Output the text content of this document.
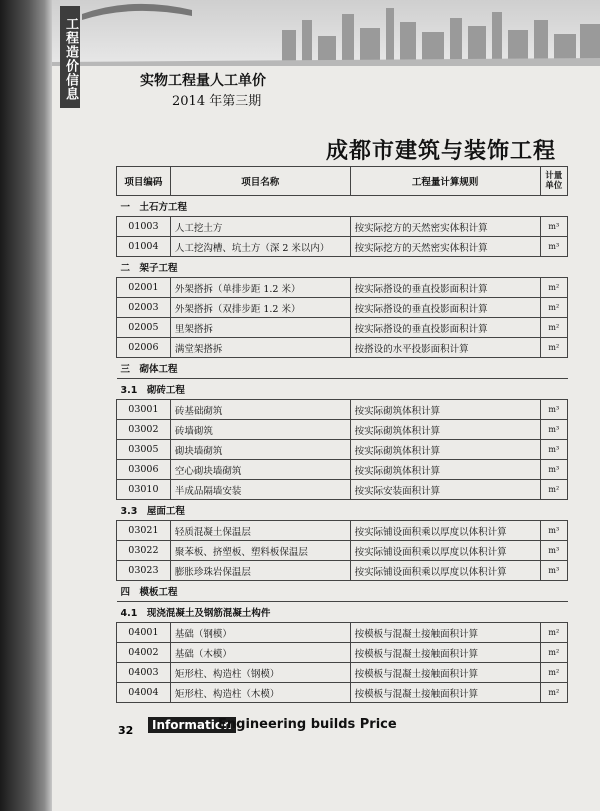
工程造价信息	实物工程量人工单价
2014 年第三期
成都市建筑与装饰工程
项目编码	项目名称	工程量计算规则	计量单位
一　土石方工程			
01003	人工挖土方	按实际挖方的天然密实体积计算	m³
01004	人工挖沟槽、坑土方（深 2 米以内）	按实际挖方的天然密实体积计算	m³
二　架子工程			
02001	外架搭拆（单排步距 1.2 米）	按实际搭设的垂直投影面积计算	m²
02003	外架搭拆（双排步距 1.2 米）	按实际搭设的垂直投影面积计算	m²
02005	里架搭拆	按实际搭设的垂直投影面积计算	m²
02006	满堂架搭拆	按搭设的水平投影面积计算	m²
三　砌体工程			
3.1　砌砖工程			
03001	砖基础砌筑	按实际砌筑体积计算	m³
03002	砖墙砌筑	按实际砌筑体积计算	m³
03005	砌块墙砌筑	按实际砌筑体积计算	m³
03006	空心砌块墙砌筑	按实际砌筑体积计算	m³
03010	半成品隔墙安装	按实际安装面积计算	m²
3.3　屋面工程			
03021	轻质混凝土保温层	按实际铺设面积乘以厚度以体积计算	m³
03022	聚苯板、挤塑板、塑料板保温层	按实际铺设面积乘以厚度以体积计算	m³
03023	膨胀珍珠岩保温层	按实际铺设面积乘以厚度以体积计算	m³
四　模板工程			
4.1　现浇混凝土及钢筋混凝土构件			
04001	基础（钢模）	按模板与混凝土接触面积计算	m²
04002	基础（木模）	按模板与混凝土接触面积计算	m²
04003	矩形柱、构造柱（钢模）	按模板与混凝土接触面积计算	m²
04004	矩形柱、构造柱（木模）	按模板与混凝土接触面积计算	m²
32	Information
Engineering builds Price
